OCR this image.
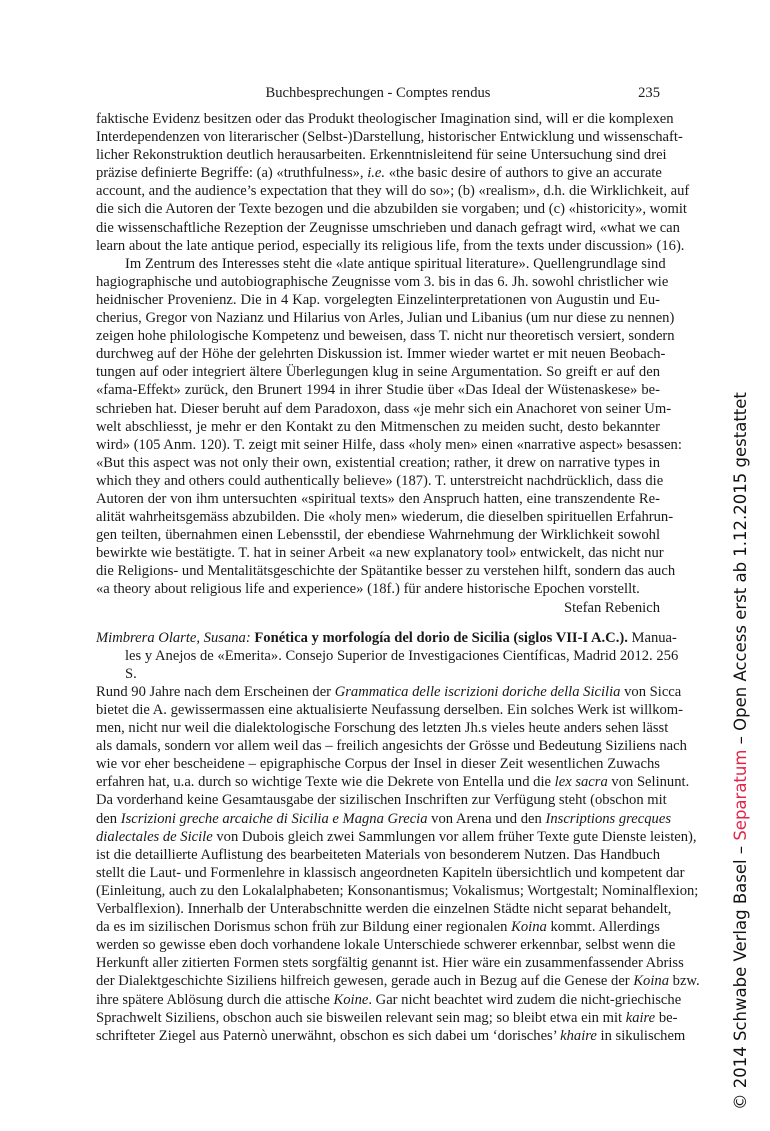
Buchbesprechungen - Comptes rendus	235
faktische Evidenz besitzen oder das Produkt theologischer Imagination sind, will er die komplexen
Interdependenzen von literarischer (Selbst-)Darstellung, historischer Entwicklung und wissenschaft-
licher Rekonstruktion deutlich herausarbeiten. Erkenntnisleitend für seine Untersuchung sind drei
präzise definierte Begriffe: (a) «truthfulness», i.e. «the basic desire of authors to give an accurate
account, and the audience’s expectation that they will do so»; (b) «realism», d.h. die Wirklichkeit, auf
die sich die Autoren der Texte bezogen und die abzubilden sie vorgaben; und (c) «historicity», womit
die wissenschaftliche Rezeption der Zeugnisse umschrieben und danach gefragt wird, «what we can
learn about the late antique period, especially its religious life, from the texts under discussion» (16).
Im Zentrum des Interesses steht die «late antique spiritual literature». Quellengrundlage sind
hagiographische und autobiographische Zeugnisse vom 3. bis in das 6. Jh. sowohl christlicher wie
heidnischer Provenienz. Die in 4 Kap. vorgelegten Einzelinterpretationen von Augustin und Eu-
cherius, Gregor von Nazianz und Hilarius von Arles, Julian und Libanius (um nur diese zu nennen)
zeigen hohe philologische Kompetenz und beweisen, dass T. nicht nur theoretisch versiert, sondern
durchweg auf der Höhe der gelehrten Diskussion ist. Immer wieder wartet er mit neuen Beobach-
tungen auf oder integriert ältere Überlegungen klug in seine Argumentation. So greift er auf den
«fama-Effekt» zurück, den Brunert 1994 in ihrer Studie über «Das Ideal der Wüstenaskese» be-
schrieben hat. Dieser beruht auf dem Paradoxon, dass «je mehr sich ein Anachoret von seiner Um-
welt abschliesst, je mehr er den Kontakt zu den Mitmenschen zu meiden sucht, desto bekannter
wird» (105 Anm. 120). T. zeigt mit seiner Hilfe, dass «holy men» einen «narrative aspect» besassen:
«But this aspect was not only their own, existential creation; rather, it drew on narrative types in
which they and others could authentically believe» (187). T. unterstreicht nachdrücklich, dass die
Autoren der von ihm untersuchten «spiritual texts» den Anspruch hatten, eine transzendente Re-
alität wahrheitsgemäss abzubilden. Die «holy men» wiederum, die dieselben spirituellen Erfahrun-
gen teilten, übernahmen einen Lebensstil, der ebendiese Wahrnehmung der Wirklichkeit sowohl
bewirkte wie bestätigte. T. hat in seiner Arbeit «a new explanatory tool» entwickelt, das nicht nur
die Religions- und Mentalitätsgeschichte der Spätantike besser zu verstehen hilft, sondern das auch
«a theory about religious life and experience» (18f.) für andere historische Epochen vorstellt.
Stefan Rebenich
Mimbrera Olarte, Susana: Fonética y morfología del dorio de Sicilia (siglos VII-I A.C.). Manua-
les y Anejos de «Emerita». Consejo Superior de Investigaciones Científicas, Madrid 2012. 256
S.
Rund 90 Jahre nach dem Erscheinen der Grammatica delle iscrizioni doriche della Sicilia von Sicca
bietet die A. gewissermassen eine aktualisierte Neufassung derselben. Ein solches Werk ist willkom-
men, nicht nur weil die dialektologische Forschung des letzten Jh.s vieles heute anders sehen lässt
als damals, sondern vor allem weil das – freilich angesichts der Grösse und Bedeutung Siziliens nach
wie vor eher bescheidene – epigraphische Corpus der Insel in dieser Zeit wesentlichen Zuwachs
erfahren hat, u.a. durch so wichtige Texte wie die Dekrete von Entella und die lex sacra von Selinunt.
Da vorderhand keine Gesamtausgabe der sizilischen Inschriften zur Verfügung steht (obschon mit
den Iscrizioni greche arcaiche di Sicilia e Magna Grecia von Arena und den Inscriptions grecques
dialectales de Sicile von Dubois gleich zwei Sammlungen vor allem früher Texte gute Dienste leisten),
ist die detaillierte Auflistung des bearbeiteten Materials von besonderem Nutzen. Das Handbuch
stellt die Laut- und Formenlehre in klassisch angeordneten Kapiteln übersichtlich und kompetent dar
(Einleitung, auch zu den Lokalalphabeten; Konsonantismus; Vokalismus; Wortgestalt; Nominalflexion;
Verbalflexion). Innerhalb der Unterabschnitte werden die einzelnen Städte nicht separat behandelt,
da es im sizilischen Dorismus schon früh zur Bildung einer regionalen Koina kommt. Allerdings
werden so gewisse eben doch vorhandene lokale Unterschiede schwerer erkennbar, selbst wenn die
Herkunft aller zitierten Formen stets sorgfältig genannt ist. Hier wäre ein zusammenfassender Abriss
der Dialektgeschichte Siziliens hilfreich gewesen, gerade auch in Bezug auf die Genese der Koina bzw.
ihre spätere Ablösung durch die attische Koine. Gar nicht beachtet wird zudem die nicht-griechische
Sprachwelt Siziliens, obschon auch sie bisweilen relevant sein mag; so bleibt etwa ein mit kaire be-
schrifteter Ziegel aus Paternò unerwähnt, obschon es sich dabei um ‘dorisches’ khaire in sikulischem	© 2014 Schwabe Verlag Basel – Separatum – Open Access erst ab 1.12.2015 gestattet
